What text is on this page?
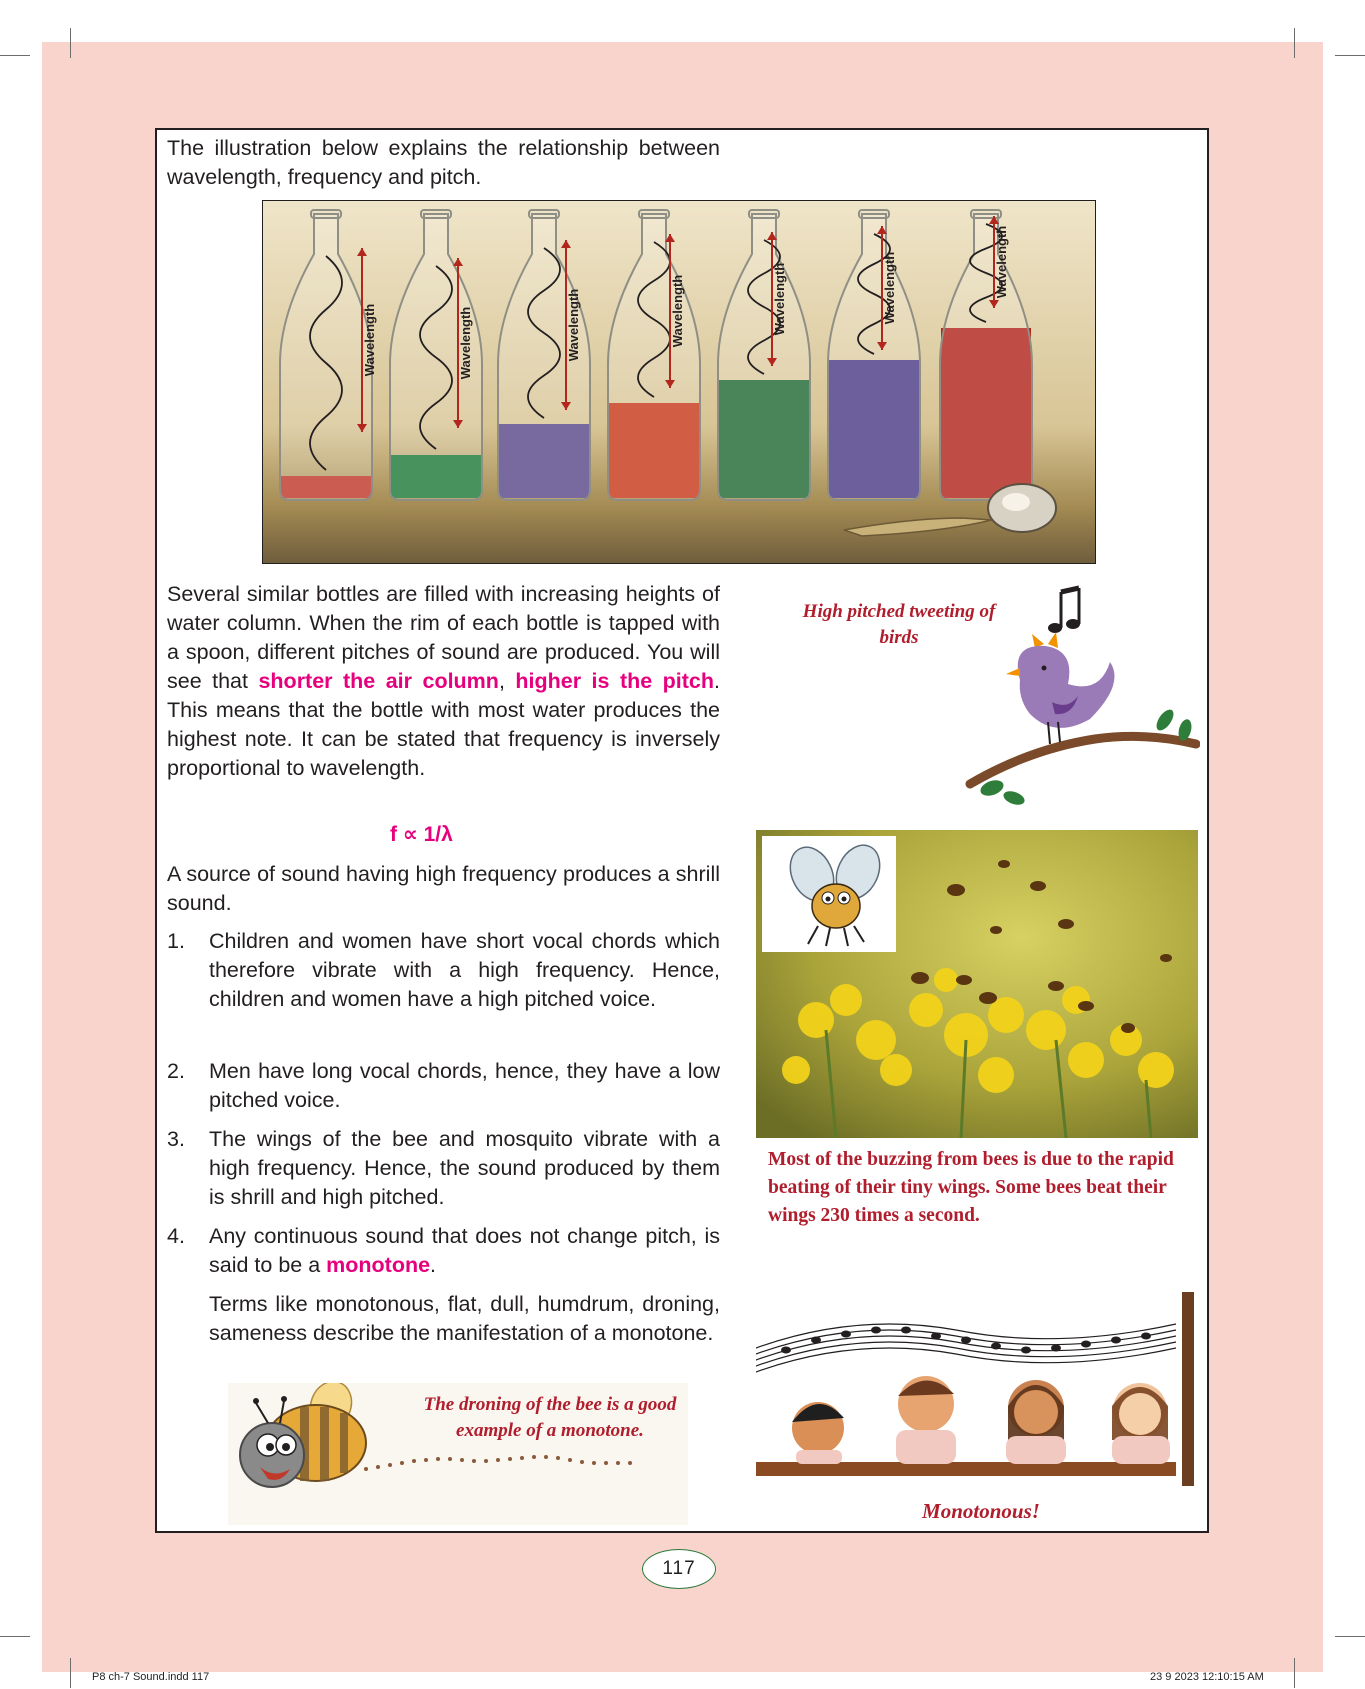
The illustration below explains the relationship between wavelength, frequency and pitch.

Wavelength	Wavelength	Wavelength	Wavelength	Wavelength	Wavelength	Wavelength
High pitched tweeting of birds

Several similar bottles are filled with increasing heights of water column. When the rim of each bottle is tapped with a spoon, different pitches of sound are produced. You will see that shorter the air column, higher is the pitch. This means that the bottle with most water produces the highest note. It can be stated that frequency is inversely proportional to wavelength.

f ∝ 1/λ

A source of sound having high frequency produces a shrill sound.

1.	Children and women have short vocal chords which therefore vibrate with a high frequency. Hence, children and women have a high pitched voice.

2.	Men have long vocal chords, hence, they have a low pitched voice.

3.	The wings of the bee and mosquito vibrate with a high frequency. Hence, the sound produced by them is shrill and high pitched.

4.	Any continuous sound that does not change pitch, is said to be a monotone.

Terms like monotonous, flat, dull, humdrum, droning, sameness describe the manifestation of a monotone.

The droning of the bee is a good example of a monotone.
Most of the buzzing from bees is due to the rapid beating of their tiny wings. Some bees beat their wings 230 times a second.
Monotonous!
117
P8 ch-7 Sound.indd 117	23 9 2023 12:10:15 AM
